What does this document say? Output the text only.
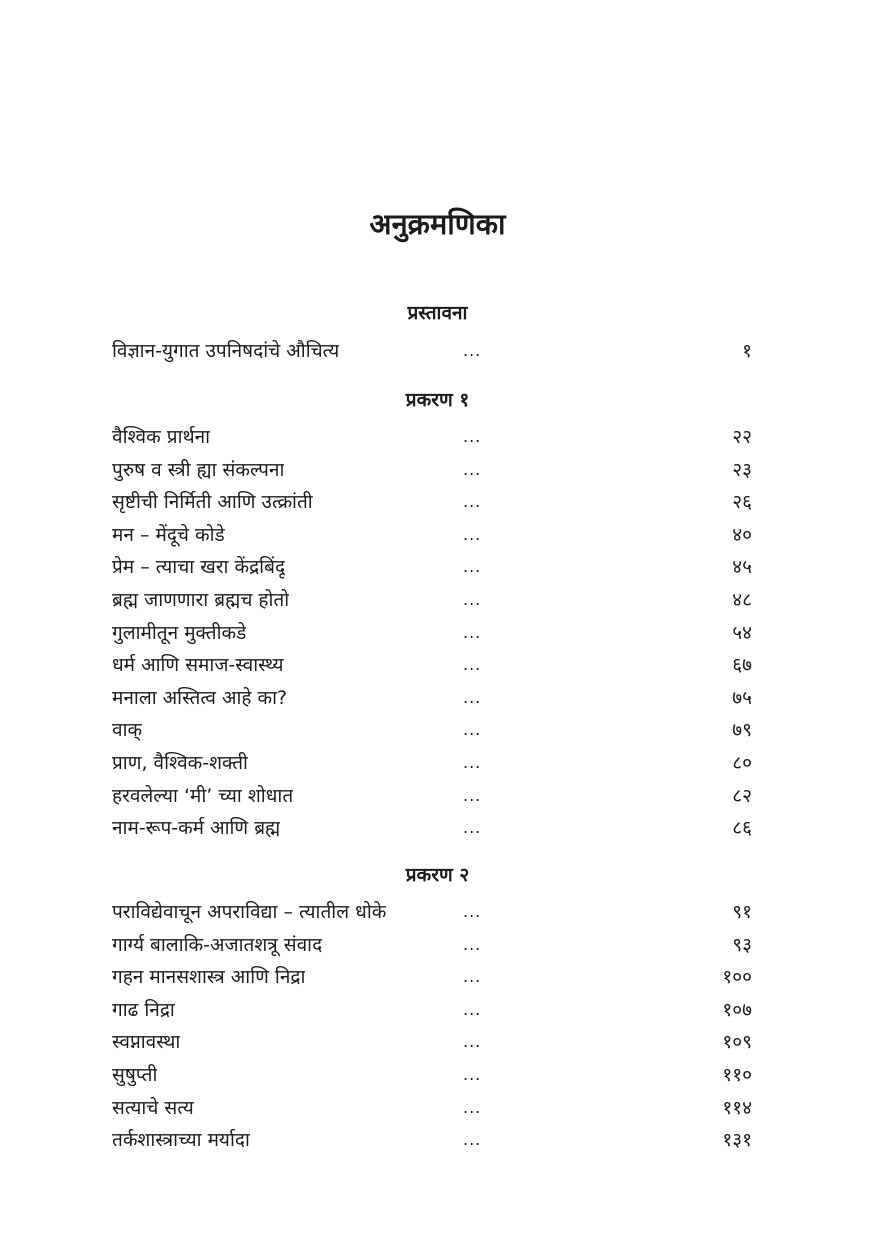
अनुक्रमणिका
प्रस्तावना
विज्ञान-युगात उपनिषदांचे औचित्य	...	१
प्रकरण १
वैश्विक प्रार्थना	...	२२
पुरुष व स्त्री ह्या संकल्पना	...	२३
सृष्टीची निर्मिती आणि उत्क्रांती	...	२६
मन – मेंदूचे कोडे	...	४०
प्रेम – त्याचा खरा केंद्रबिंदू	...	४५
ब्रह्म जाणणारा ब्रह्मच होतो	...	४८
गुलामीतून मुक्तीकडे	...	५४
धर्म आणि समाज-स्वास्थ्य	...	६७
मनाला अस्तित्व आहे का?	...	७५
वाक्	...	७९
प्राण, वैश्विक-शक्ती	...	८०
हरवलेल्या ‘मी’ च्या शोधात	...	८२
नाम-रूप-कर्म आणि ब्रह्म	...	८६
प्रकरण २
पराविद्येवाचून अपराविद्या – त्यातील धोके	...	९१
गार्ग्य बालाकि-अजातशत्रू संवाद	...	९३
गहन मानसशास्त्र आणि निद्रा	...	१००
गाढ निद्रा	...	१०७
स्वप्नावस्था	...	१०९
सुषुप्ती	...	११०
सत्याचे सत्य	...	११४
तर्कशास्त्राच्या मर्यादा	...	१३१
